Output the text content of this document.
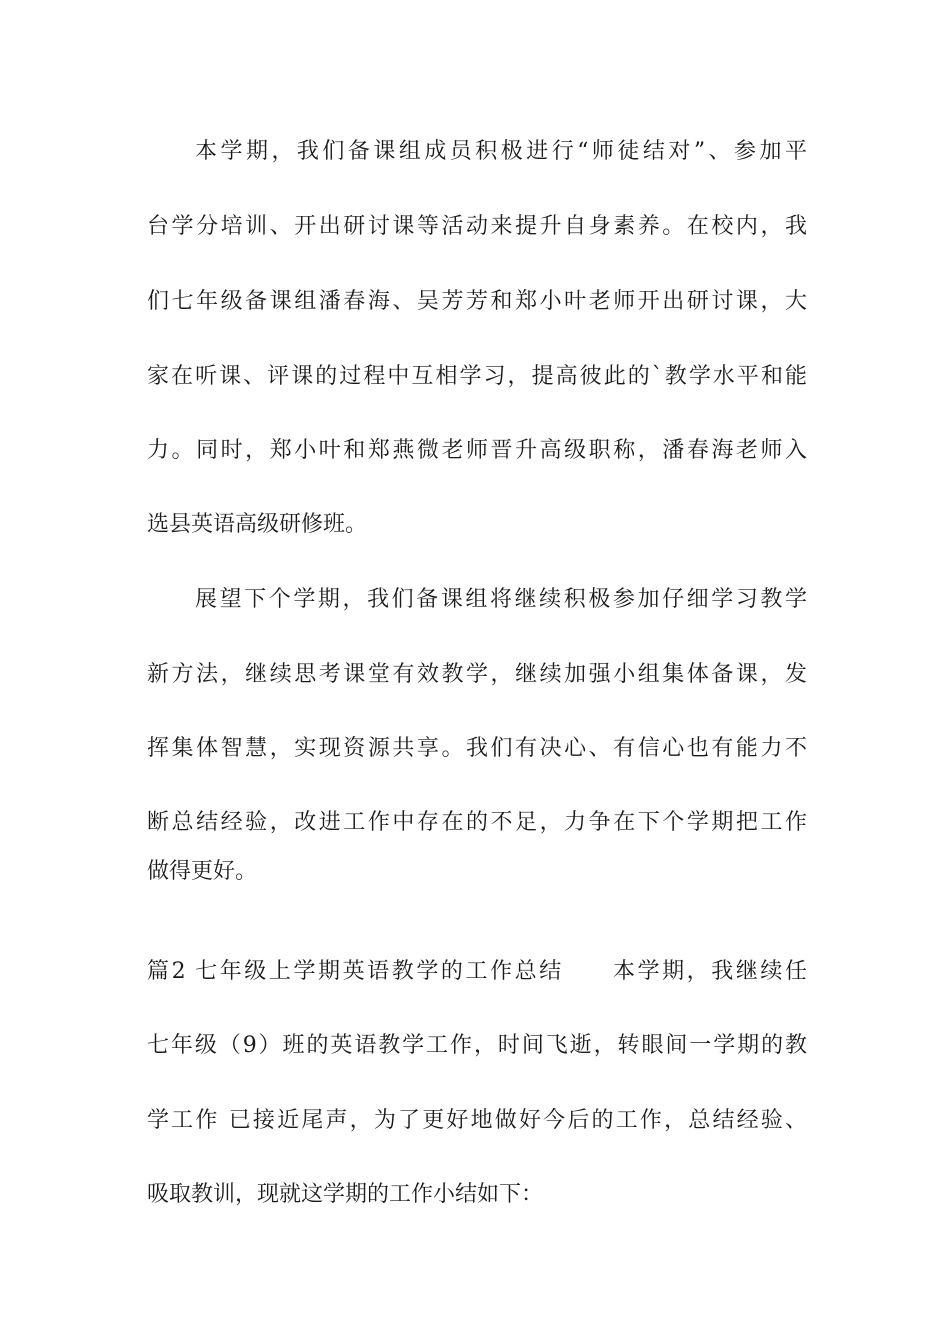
本学期，我们备课组成员积极进行“师徒结对”、参加平
台学分培训、开出研讨课等活动来提升自身素养。在校内，我
们七年级备课组潘春海、吴芳芳和郑小叶老师开出研讨课，大
家在听课、评课的过程中互相学习，提高彼此的`教学水平和能
力。同时，郑小叶和郑燕微老师晋升高级职称，潘春海老师入
选县英语高级研修班。
展望下个学期，我们备课组将继续积极参加仔细学习教学
新方法，继续思考课堂有效教学，继续加强小组集体备课，发
挥集体智慧，实现资源共享。我们有决心、有信心也有能力不
断总结经验，改进工作中存在的不足，力争在下个学期把工作
做得更好。
篇2 七年级上学期英语教学的工作总结　　本学期，我继续任
七年级（9）班的英语教学工作，时间飞逝，转眼间一学期的教
学工作 已接近尾声，为了更好地做好今后的工作，总结经验、
吸取教训，现就这学期的工作小结如下：
